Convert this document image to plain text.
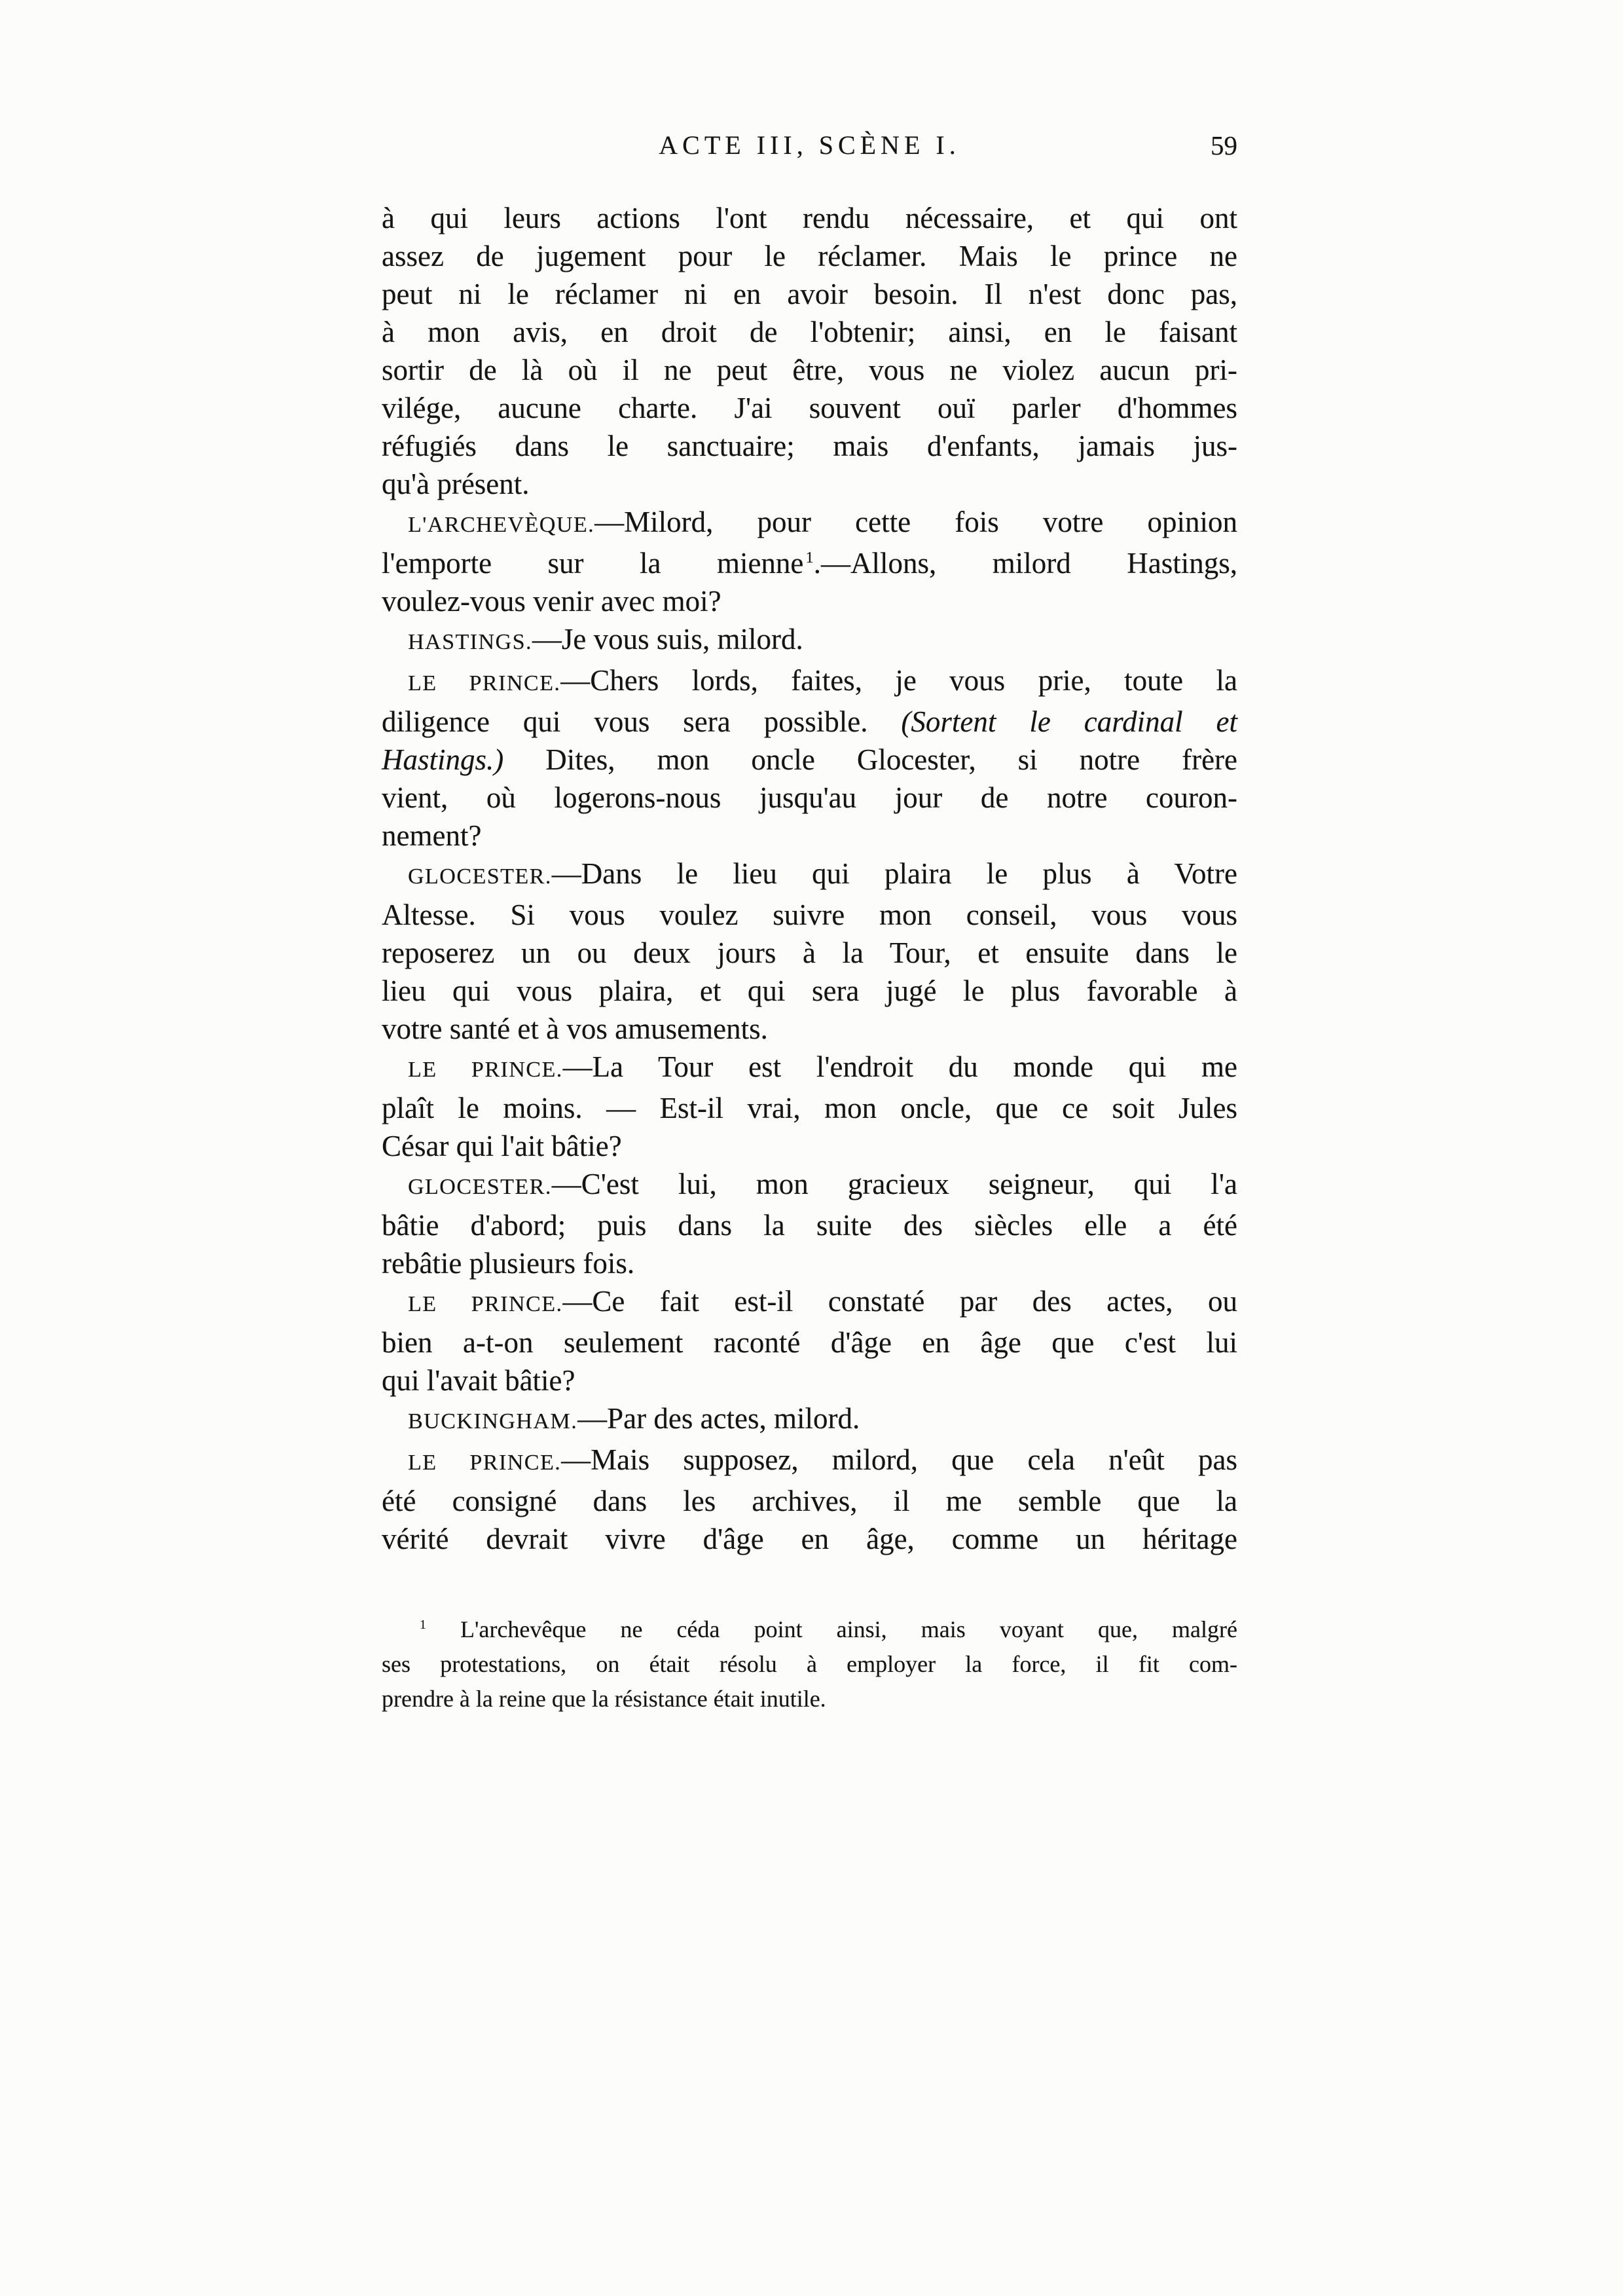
ACTE III, SCÈNE I.	59
à qui leurs actions l'ont rendu nécessaire, et qui ont
assez de jugement pour le réclamer. Mais le prince ne
peut ni le réclamer ni en avoir besoin. Il n'est donc pas,
à mon avis, en droit de l'obtenir; ainsi, en le faisant
sortir de là où il ne peut être, vous ne violez aucun pri-
vilége, aucune charte. J'ai souvent ouï parler d'hommes
réfugiés dans le sanctuaire; mais d'enfants, jamais jus-
qu'à présent.
L'ARCHEVÈQUE.—Milord, pour cette fois votre opinion
l'emporte sur la mienne $^1$.—Allons, milord Hastings,
voulez-vous venir avec moi?
HASTINGS.—Je vous suis, milord.
LE PRINCE.—Chers lords, faites, je vous prie, toute la
diligence qui vous sera possible. (Sortent le cardinal et
Hastings.) Dites, mon oncle Glocester, si notre frère
vient, où logerons-nous jusqu'au jour de notre couron-
nement?
GLOCESTER.—Dans le lieu qui plaira le plus à Votre
Altesse. Si vous voulez suivre mon conseil, vous vous
reposerez un ou deux jours à la Tour, et ensuite dans le
lieu qui vous plaira, et qui sera jugé le plus favorable à
votre santé et à vos amusements.
LE PRINCE.—La Tour est l'endroit du monde qui me
plaît le moins. — Est-il vrai, mon oncle, que ce soit Jules
César qui l'ait bâtie?
GLOCESTER.—C'est lui, mon gracieux seigneur, qui l'a
bâtie d'abord; puis dans la suite des siècles elle a été
rebâtie plusieurs fois.
LE PRINCE.—Ce fait est-il constaté par des actes, ou
bien a-t-on seulement raconté d'âge en âge que c'est lui
qui l'avait bâtie?
BUCKINGHAM.—Par des actes, milord.
LE PRINCE.—Mais supposez, milord, que cela n'eût pas
été consigné dans les archives, il me semble que la
vérité devrait vivre d'âge en âge, comme un héritage
$^1$ L'archevêque ne céda point ainsi, mais voyant que, malgré
ses protestations, on était résolu à employer la force, il fit com-
prendre à la reine que la résistance était inutile.
